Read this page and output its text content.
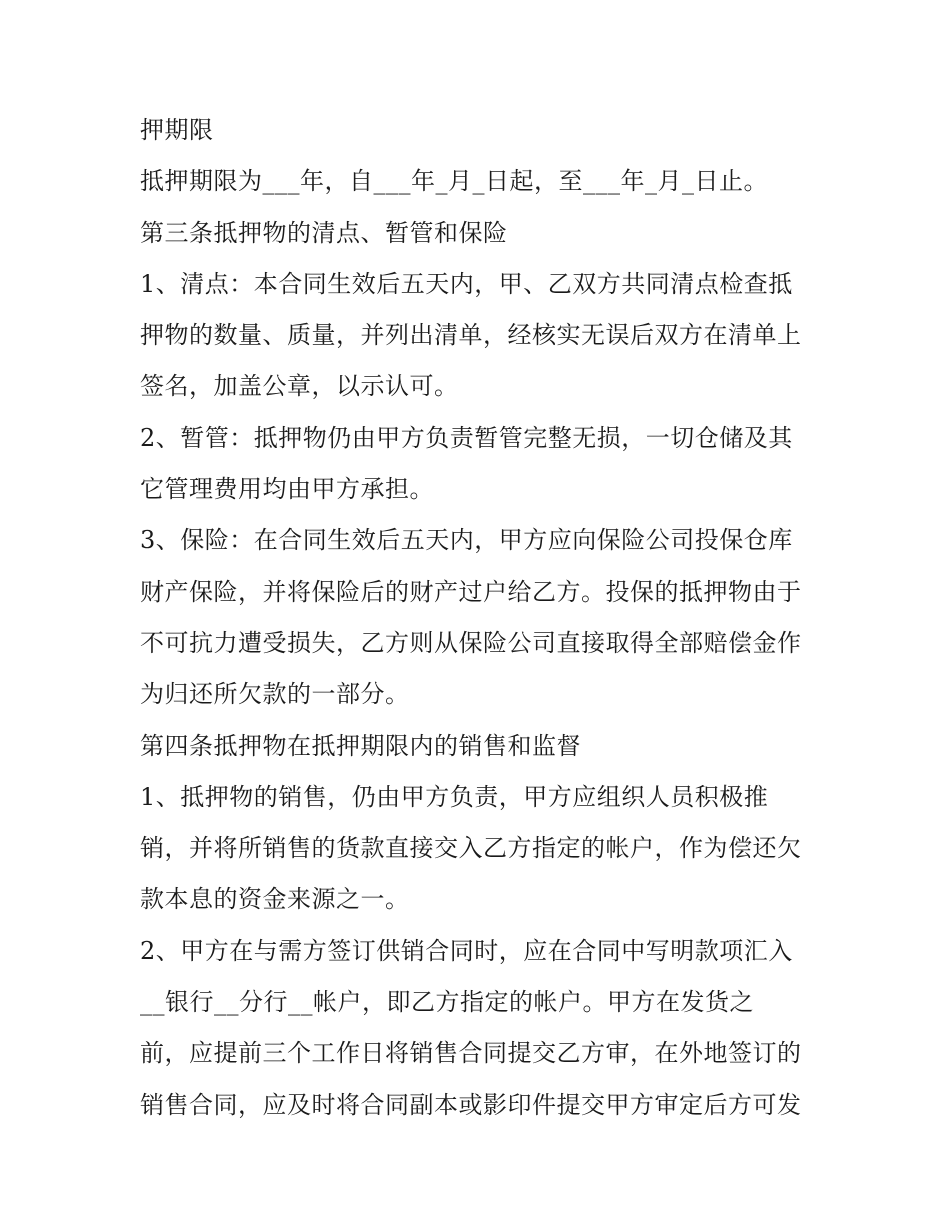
押期限
抵押期限为___年，自___年_月_日起，至___年_月_日止。
第三条抵押物的清点、暂管和保险
1、清点：本合同生效后五天内，甲、乙双方共同清点检查抵
押物的数量、质量，并列出清单，经核实无误后双方在清单上
签名，加盖公章，以示认可。
2、暂管：抵押物仍由甲方负责暂管完整无损，一切仓储及其
它管理费用均由甲方承担。
3、保险：在合同生效后五天内，甲方应向保险公司投保仓库
财产保险，并将保险后的财产过户给乙方。投保的抵押物由于
不可抗力遭受损失，乙方则从保险公司直接取得全部赔偿金作
为归还所欠款的一部分。
第四条抵押物在抵押期限内的销售和监督
1、抵押物的销售，仍由甲方负责，甲方应组织人员积极推
销，并将所销售的货款直接交入乙方指定的帐户，作为偿还欠
款本息的资金来源之一。
2、甲方在与需方签订供销合同时，应在合同中写明款项汇入
__银行__分行__帐户，即乙方指定的帐户。甲方在发货之
前，应提前三个工作日将销售合同提交乙方审，在外地签订的
销售合同，应及时将合同副本或影印件提交甲方审定后方可发
